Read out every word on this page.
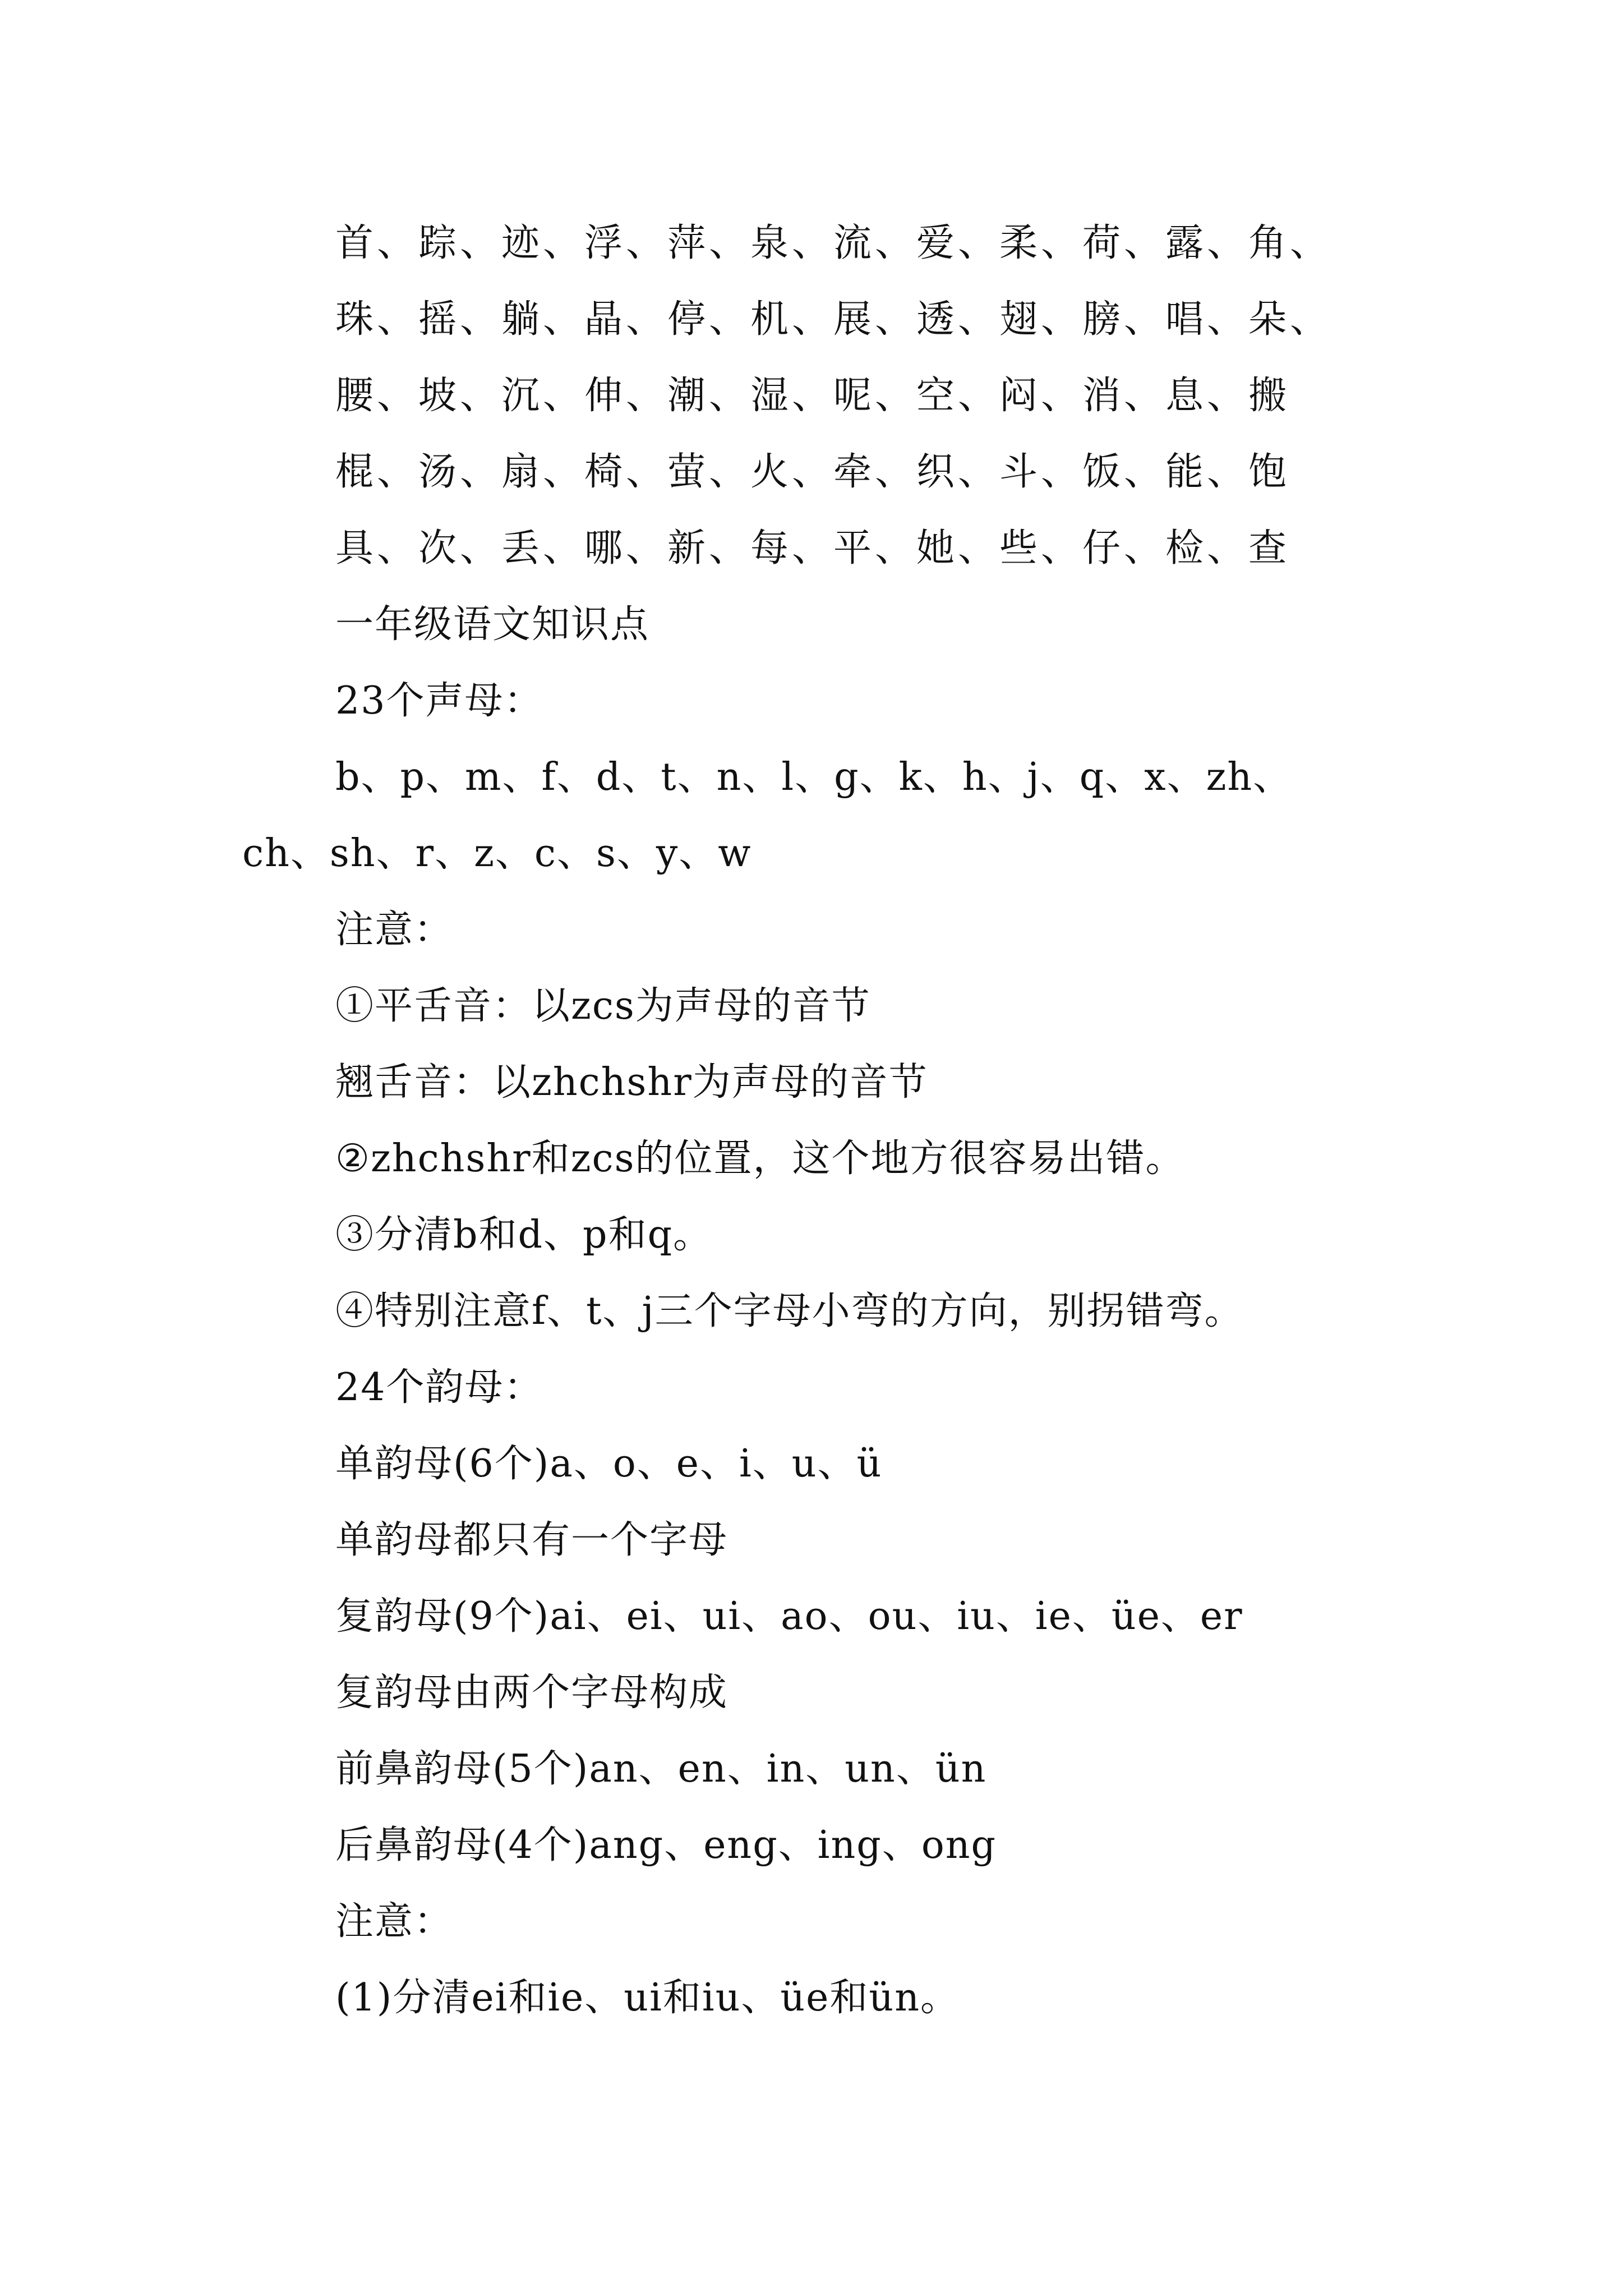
首、踪、迹、浮、萍、泉、流、爱、柔、荷、露、角、
珠、摇、躺、晶、停、机、展、透、翅、膀、唱、朵、
腰、坡、沉、伸、潮、湿、呢、空、闷、消、息、搬
棍、汤、扇、椅、萤、火、牵、织、斗、饭、能、饱
具、次、丢、哪、新、每、平、她、些、仔、检、查
一年级语文知识点
23个声母：
b、p、m、f、d、t、n、l、g、k、h、j、q、x、zh、
ch、sh、r、z、c、s、y、w
注意：
①平舌音：以zcs为声母的音节
翘舌音：以zhchshr为声母的音节
②zhchshr和zcs的位置，这个地方很容易出错。
③分清b和d、p和q。
④特别注意f、t、j三个字母小弯的方向，别拐错弯。
24个韵母：
单韵母(6个)a、o、e、i、u、ü
单韵母都只有一个字母
复韵母(9个)ai、ei、ui、ao、ou、iu、ie、üe、er
复韵母由两个字母构成
前鼻韵母(5个)an、en、in、un、ün
后鼻韵母(4个)ang、eng、ing、ong
注意：
(1)分清ei和ie、ui和iu、üe和ün。
